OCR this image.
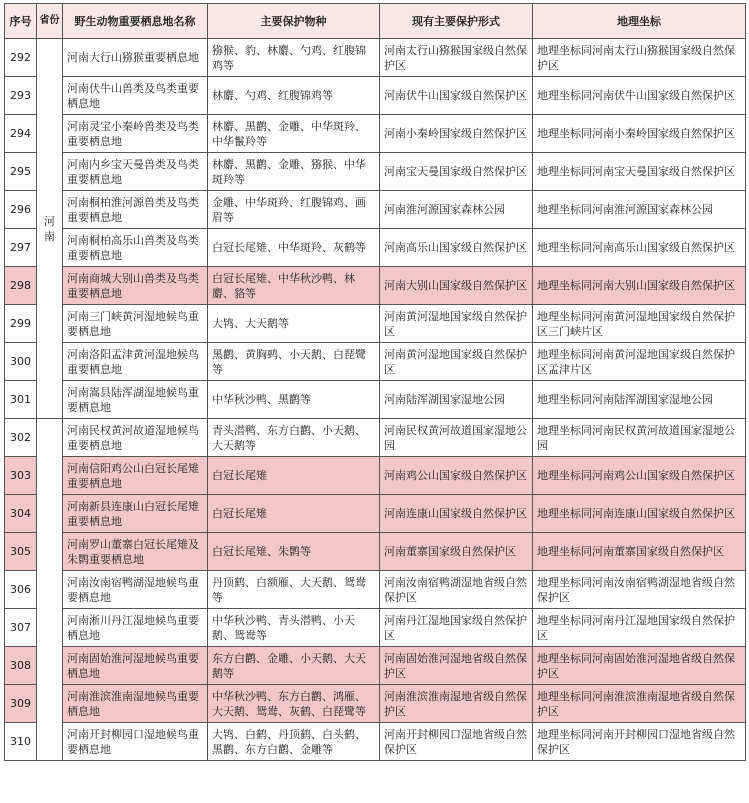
序号	省份	野生动物重要栖息地名称	主要保护物种	现有主要保护形式	地理坐标
292	河南	河南大行山猕猴重要栖息地	猕猴、豹、林麝、勺鸡、红腹锦鸡等	河南太行山猕猴国家级自然保护区	地理坐标同河南太行山猕猴国家级自然保护区
293		河南伏牛山兽类及鸟类重要栖息地	林麝、勺鸡、红腹锦鸡等	河南伏牛山国家级自然保护区	地理坐标同河南伏牛山国家级自然保护区
294		河南灵宝小秦岭兽类及鸟类重要栖息地	林麝、黑鹳、金雕、中华斑羚、中华鬣羚等	河南小秦岭国家级自然保护区	地理坐标同河南小秦岭国家级自然保护区
295		河南内乡宝天曼兽类及鸟类重要栖息地	林麝、黑鹳、金雕、猕猴、中华斑羚等	河南宝天曼国家级自然保护区	地理坐标同河南宝天曼国家级自然保护区
296		河南桐柏淮河源兽类及鸟类重要栖息地	金雕、中华斑羚、红腹锦鸡、画眉等	河南淮河源国家森林公园	地理坐标同河南淮河源国家森林公园
297		河南桐柏高乐山兽类及鸟类重要栖息地	白冠长尾雉、中华斑羚、灰鹤等	河南高乐山国家级自然保护区	地理坐标同河南高乐山国家级自然保护区
298		河南商城大别山兽类及鸟类重要栖息地	白冠长尾雉、中华秋沙鸭、林麝、貉等	河南大别山国家级自然保护区	地理坐标同河南大别山国家级自然保护区
299		河南三门峡黄河湿地候鸟重要栖息地	大鸨、大天鹅等	河南黄河湿地国家级自然保护区	地理坐标同河南黄河湿地国家级自然保护区三门峡片区
300		河南洛阳孟津黄河湿地候鸟重要栖息地	黑鹳、黄胸鹀、小天鹅、白琵鹭等	河南黄河湿地国家级自然保护区	地理坐标同河南黄河湿地国家级自然保护区孟津片区
301		河南嵩县陆浑湖湿地候鸟重要栖息地	中华秋沙鸭、黑鹳等	河南陆浑湖国家湿地公园	地理坐标同河南陆浑湖国家湿地公园
302		河南民权黄河故道湿地候鸟重要栖息地	青头潜鸭、东方白鹳、小天鹅、大天鹅等	河南民权黄河故道国家湿地公园	地理坐标同河南民权黄河故道国家湿地公园
303		河南信阳鸡公山白冠长尾雉重要栖息地	白冠长尾雉	河南鸡公山国家级自然保护区	地理坐标同河南鸡公山国家级自然保护区
304		河南新县连康山白冠长尾雉重要栖息地	白冠长尾雉	河南连康山国家级自然保护区	地理坐标同河南连康山国家级自然保护区
305		河南罗山董寨白冠长尾雉及朱鹮重要栖息地	白冠长尾雉、朱鹮等	河南董寨国家级自然保护区	地理坐标同河南董寨国家级自然保护区
306		河南汝南宿鸭湖湿地候鸟重要栖息地	丹顶鹤、白额雁、大天鹅、鸳鸯等	河南汝南宿鸭湖湿地省级自然保护区	地理坐标同河南汝南宿鸭湖湿地省级自然保护区
307		河南淅川丹江湿地候鸟重要栖息地	中华秋沙鸭、青头潜鸭、小天鹅、鸳鸯等	河南丹江湿地国家级自然保护区	地理坐标同河南丹江湿地国家级自然保护区
308		河南固始淮河湿地候鸟重要栖息地	东方白鹳、金雕、小天鹅、大天鹅等	河南固始淮河湿地省级自然保护区	地理坐标同河南固始淮河湿地省级自然保护区
309		河南淮滨淮南湿地候鸟重要栖息地	中华秋沙鸭、东方白鹳、鸿雁、大天鹅、鸳鸯、灰鹤、白琵鹭等	河南淮滨淮南湿地省级自然保护区	地理坐标同河南淮滨淮南湿地省级自然保护区
310		河南开封柳园口湿地候鸟重要栖息地	大鸨、白鹤、丹顶鹤、白头鹤、黑鹳、东方白鹳、金雕等	河南开封柳园口湿地省级自然保护区	地理坐标同河南开封柳园口湿地省级自然保护区
